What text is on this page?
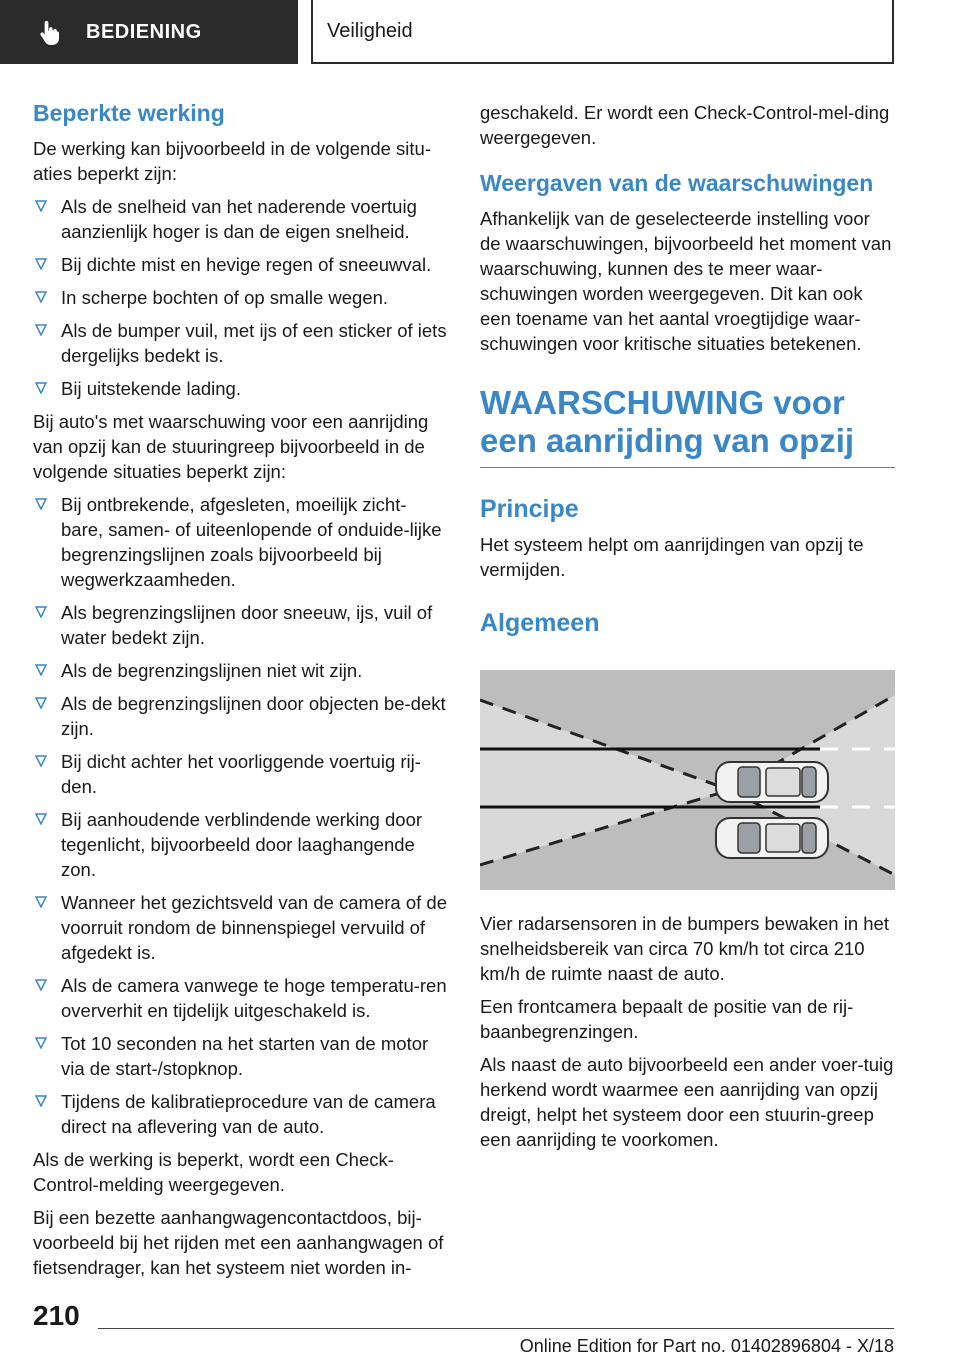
BEDIENING	Veiligheid
Beperkte werking

De werking kan bijvoorbeeld in de volgende situ-aties beperkt zijn:

Als de snelheid van het naderende voertuig aanzienlijk hoger is dan de eigen snelheid.
Bij dichte mist en hevige regen of sneeuwval.
In scherpe bochten of op smalle wegen.
Als de bumper vuil, met ijs of een sticker of iets dergelijks bedekt is.
Bij uitstekende lading.

Bij auto's met waarschuwing voor een aanrijding van opzij kan de stuuringreep bijvoorbeeld in de volgende situaties beperkt zijn:

Bij ontbrekende, afgesleten, moeilijk zicht-bare, samen- of uiteenlopende of onduide-lijke begrenzingslijnen zoals bijvoorbeeld bij wegwerkzaamheden.
Als begrenzingslijnen door sneeuw, ijs, vuil of water bedekt zijn.
Als de begrenzingslijnen niet wit zijn.
Als de begrenzingslijnen door objecten be-dekt zijn.
Bij dicht achter het voorliggende voertuig rij-den.
Bij aanhoudende verblindende werking door tegenlicht, bijvoorbeeld door laaghangende zon.
Wanneer het gezichtsveld van de camera of de voorruit rondom de binnenspiegel vervuild of afgedekt is.
Als de camera vanwege te hoge temperatu-ren oververhit en tijdelijk uitgeschakeld is.
Tot 10 seconden na het starten van de motor via de start-/stopknop.
Tijdens de kalibratieprocedure van de camera direct na aflevering van de auto.

Als de werking is beperkt, wordt een Check-Control-melding weergegeven.

Bij een bezette aanhangwagencontactdoos, bij-voorbeeld bij het rijden met een aanhangwagen of fietsendrager, kan het systeem niet worden in-

geschakeld. Er wordt een Check-Control-mel-ding weergegeven.

Weergaven van de waarschuwingen

Afhankelijk van de geselecteerde instelling voor de waarschuwingen, bijvoorbeeld het moment van waarschuwing, kunnen des te meer waar-schuwingen worden weergegeven. Dit kan ook een toename van het aantal vroegtijdige waar-schuwingen voor kritische situaties betekenen.

WAARSCHUWING voor een aanrijding van opzij
Principe

Het systeem helpt om aanrijdingen van opzij te vermijden.

Algemeen

Vier radarsensoren in de bumpers bewaken in het snelheidsbereik van circa 70 km/h tot circa 210 km/h de ruimte naast de auto.

Een frontcamera bepaalt de positie van de rij-baanbegrenzingen.

Als naast de auto bijvoorbeeld een ander voer-tuig herkend wordt waarmee een aanrijding van opzij dreigt, helpt het systeem door een stuurin-greep een aanrijding te voorkomen.

210
Online Edition for Part no. 01402896804 - X/18
